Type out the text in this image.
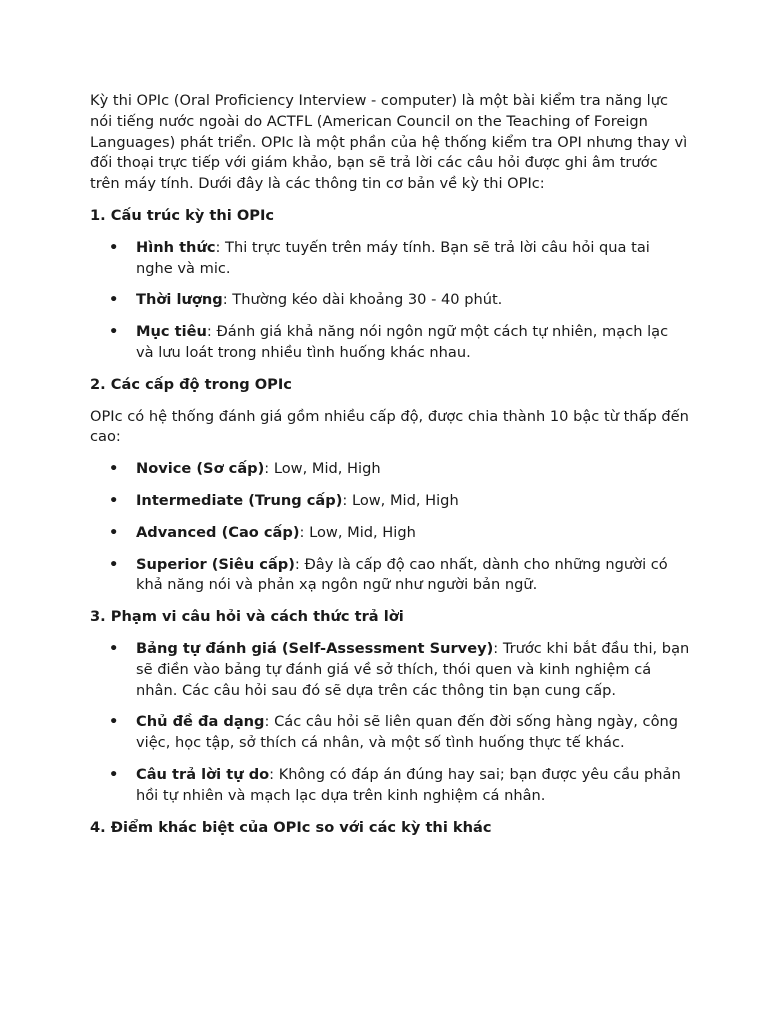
Kỳ thi OPIc (Oral Proficiency Interview - computer) là một bài kiểm tra năng lực nói tiếng nước ngoài do ACTFL (American Council on the Teaching of Foreign Languages) phát triển. OPIc là một phần của hệ thống kiểm tra OPI nhưng thay vì đối thoại trực tiếp với giám khảo, bạn sẽ trả lời các câu hỏi được ghi âm trước trên máy tính. Dưới đây là các thông tin cơ bản về kỳ thi OPIc:

1. Cấu trúc kỳ thi OPIc
• Hình thức: Thi trực tuyến trên máy tính. Bạn sẽ trả lời câu hỏi qua tai nghe và mic.
• Thời lượng: Thường kéo dài khoảng 30 - 40 phút.
• Mục tiêu: Đánh giá khả năng nói ngôn ngữ một cách tự nhiên, mạch lạc và lưu loát trong nhiều tình huống khác nhau.
2. Các cấp độ trong OPIc

OPIc có hệ thống đánh giá gồm nhiều cấp độ, được chia thành 10 bậc từ thấp đến cao:

• Novice (Sơ cấp): Low, Mid, High
• Intermediate (Trung cấp): Low, Mid, High
• Advanced (Cao cấp): Low, Mid, High
• Superior (Siêu cấp): Đây là cấp độ cao nhất, dành cho những người có khả năng nói và phản xạ ngôn ngữ như người bản ngữ.
3. Phạm vi câu hỏi và cách thức trả lời
• Bảng tự đánh giá (Self-Assessment Survey): Trước khi bắt đầu thi, bạn sẽ điền vào bảng tự đánh giá về sở thích, thói quen và kinh nghiệm cá nhân. Các câu hỏi sau đó sẽ dựa trên các thông tin bạn cung cấp.
• Chủ đề đa dạng: Các câu hỏi sẽ liên quan đến đời sống hàng ngày, công việc, học tập, sở thích cá nhân, và một số tình huống thực tế khác.
• Câu trả lời tự do: Không có đáp án đúng hay sai; bạn được yêu cầu phản hồi tự nhiên và mạch lạc dựa trên kinh nghiệm cá nhân.
4. Điểm khác biệt của OPIc so với các kỳ thi khác
